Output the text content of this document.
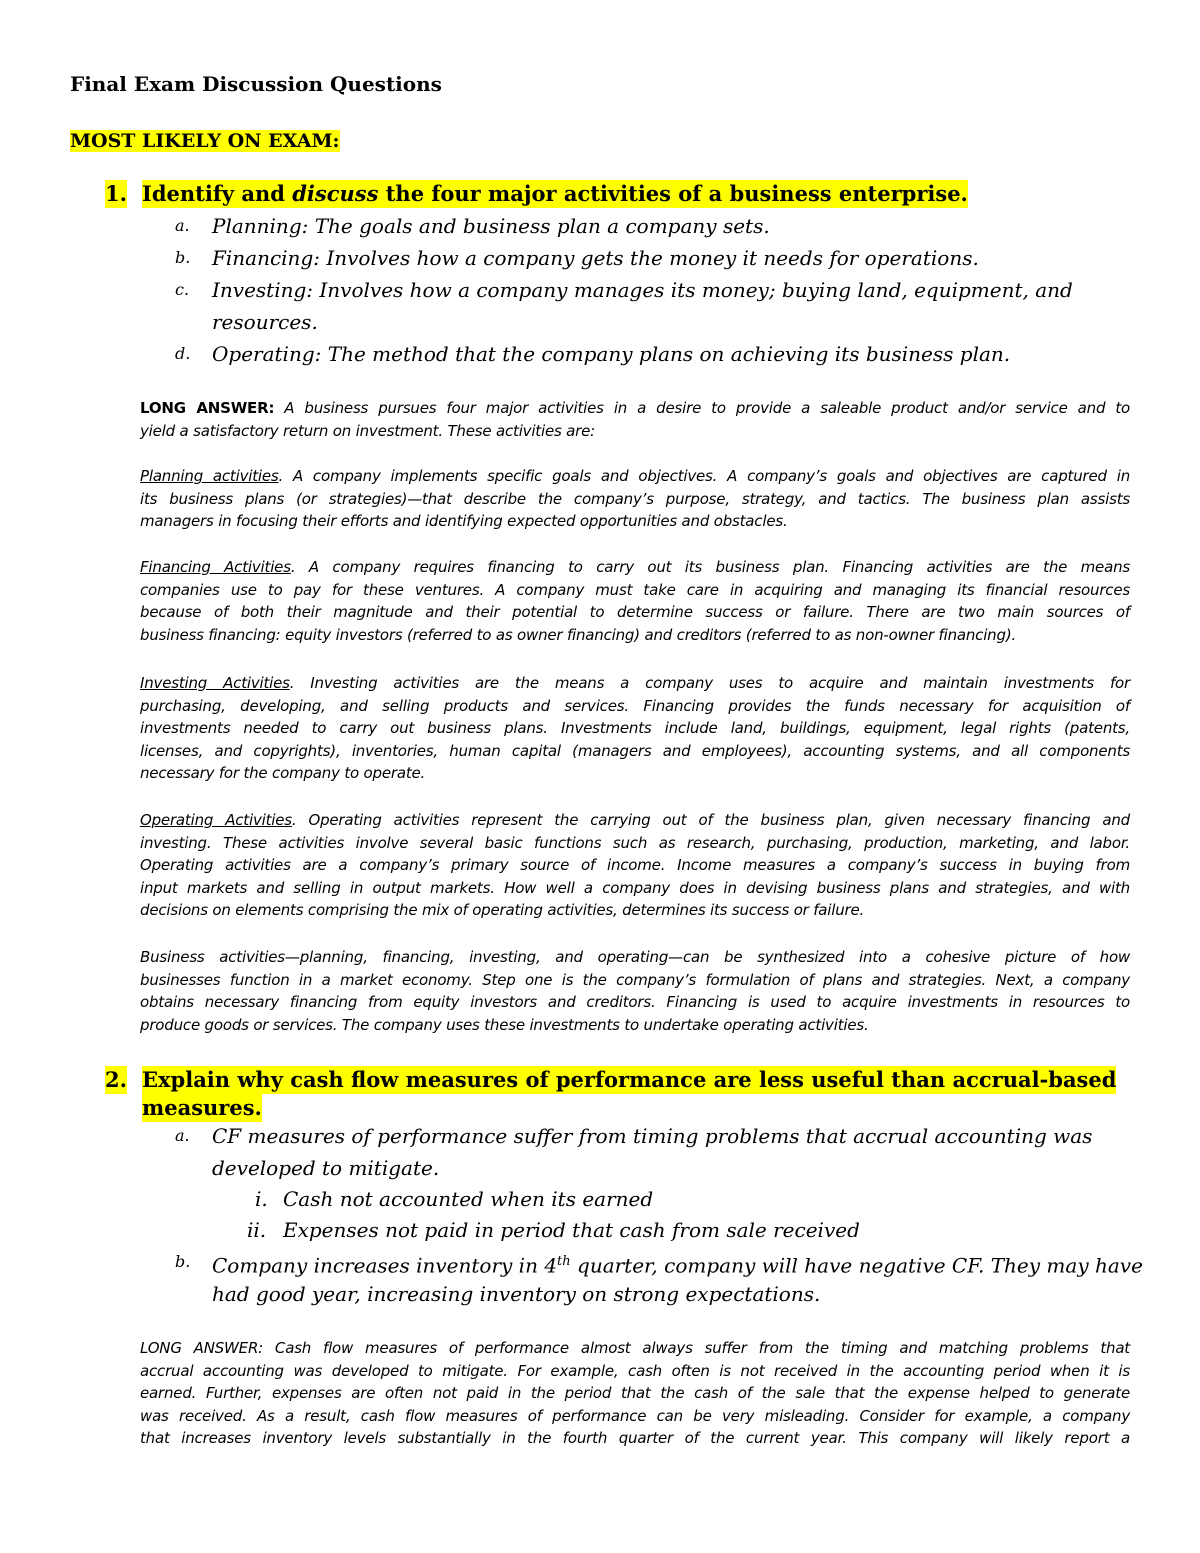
Final Exam Discussion Questions
MOST LIKELY ON EXAM:
1. Identify and discuss the four major activities of a business enterprise.
a. Planning: The goals and business plan a company sets.
b. Financing: Involves how a company gets the money it needs for operations.
c. Investing: Involves how a company manages its money; buying land, equipment, and
resources.
d. Operating: The method that the company plans on achieving its business plan.
LONG ANSWER: A business pursues four major activities in a desire to provide a saleable product and/or service and to
yield a satisfactory return on investment. These activities are:
Planning activities. A company implements specific goals and objectives. A company’s goals and objectives are captured in
its business plans (or strategies)—that describe the company’s purpose, strategy, and tactics. The business plan assists
managers in focusing their efforts and identifying expected opportunities and obstacles.
Financing Activities. A company requires financing to carry out its business plan. Financing activities are the means
companies use to pay for these ventures. A company must take care in acquiring and managing its financial resources
because of both their magnitude and their potential to determine success or failure. There are two main sources of
business financing: equity investors (referred to as owner financing) and creditors (referred to as non-owner financing).
Investing Activities. Investing activities are the means a company uses to acquire and maintain investments for
purchasing, developing, and selling products and services. Financing provides the funds necessary for acquisition of
investments needed to carry out business plans. Investments include land, buildings, equipment, legal rights (patents,
licenses, and copyrights), inventories, human capital (managers and employees), accounting systems, and all components
necessary for the company to operate.
Operating Activities. Operating activities represent the carrying out of the business plan, given necessary financing and
investing. These activities involve several basic functions such as research, purchasing, production, marketing, and labor.
Operating activities are a company’s primary source of income. Income measures a company’s success in buying from
input markets and selling in output markets. How well a company does in devising business plans and strategies, and with
decisions on elements comprising the mix of operating activities, determines its success or failure.
Business activities—planning, financing, investing, and operating—can be synthesized into a cohesive picture of how
businesses function in a market economy. Step one is the company’s formulation of plans and strategies. Next, a company
obtains necessary financing from equity investors and creditors. Financing is used to acquire investments in resources to
produce goods or services. The company uses these investments to undertake operating activities.
2. Explain why cash flow measures of performance are less useful than accrual-based
measures.
a. CF measures of performance suffer from timing problems that accrual accounting was
developed to mitigate.
i. Cash not accounted when its earned
ii. Expenses not paid in period that cash from sale received
b. Company increases inventory in 4th quarter, company will have negative CF. They may have
had good year, increasing inventory on strong expectations.
LONG ANSWER: Cash flow measures of performance almost always suffer from the timing and matching problems that
accrual accounting was developed to mitigate. For example, cash often is not received in the accounting period when it is
earned. Further, expenses are often not paid in the period that the cash of the sale that the expense helped to generate
was received. As a result, cash flow measures of performance can be very misleading. Consider for example, a company
that increases inventory levels substantially in the fourth quarter of the current year. This company will likely report a
